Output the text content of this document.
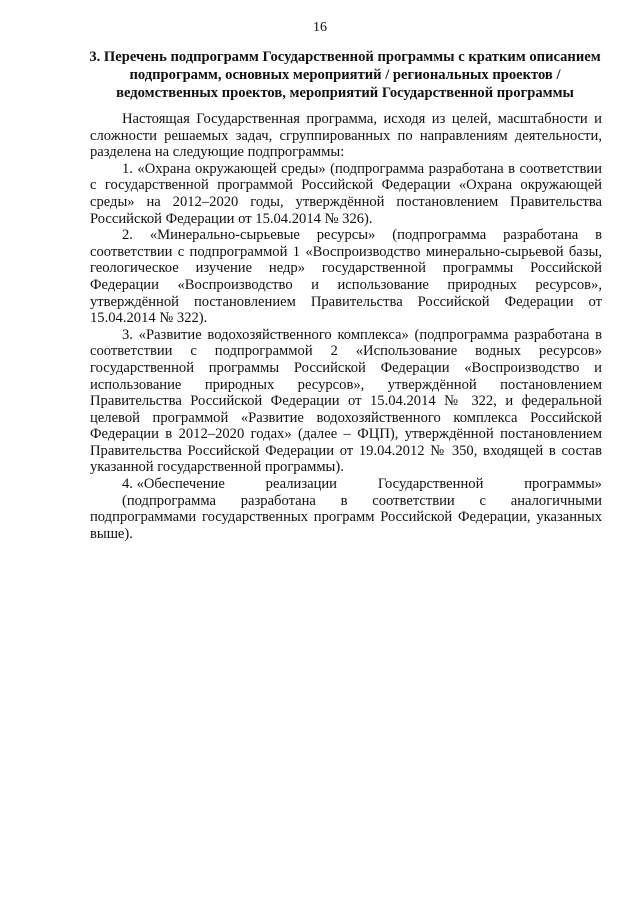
16
3. Перечень подпрограмм Государственной программы с кратким описанием
подпрограмм, основных мероприятий / региональных проектов /
ведомственных проектов, мероприятий Государственной программы

Настоящая Государственная программа, исходя из целей, масштабности и сложности решаемых задач, сгруппированных по направлениям деятельности, разделена на следующие подпрограммы:

1. «Охрана окружающей среды» (подпрограмма разработана в соответствии с государственной программой Российской Федерации «Охрана окружающей среды» на 2012–2020 годы, утверждённой постановлением Правительства Российской Федерации от 15.04.2014 № 326).

2. «Минерально-сырьевые ресурсы» (подпрограмма разработана в соответствии с подпрограммой 1 «Воспроизводство минерально-сырьевой базы, геологическое изучение недр» государственной программы Российской Федерации «Воспроизводство и использование природных ресурсов», утверждённой постановлением Правительства Российской Федерации от 15.04.2014 № 322).

3. «Развитие водохозяйственного комплекса» (подпрограмма разработана в соответствии с подпрограммой 2 «Использование водных ресурсов» государственной программы Российской Федерации «Воспроизводство и использование природных ресурсов», утверждённой постановлением Правительства Российской Федерации от 15.04.2014 № 322, и федеральной целевой программой «Развитие водохозяйственного комплекса Российской Федерации в 2012–2020 годах» (далее – ФЦП), утверждённой постановлением Правительства Российской Федерации от 19.04.2012 № 350, входящей в состав указанной государственной программы).

4. «Обеспечение	реализации	Государственной	программы»

(подпрограмма разработана в соответствии с аналогичными подпрограммами государственных программ Российской Федерации, указанных выше).
